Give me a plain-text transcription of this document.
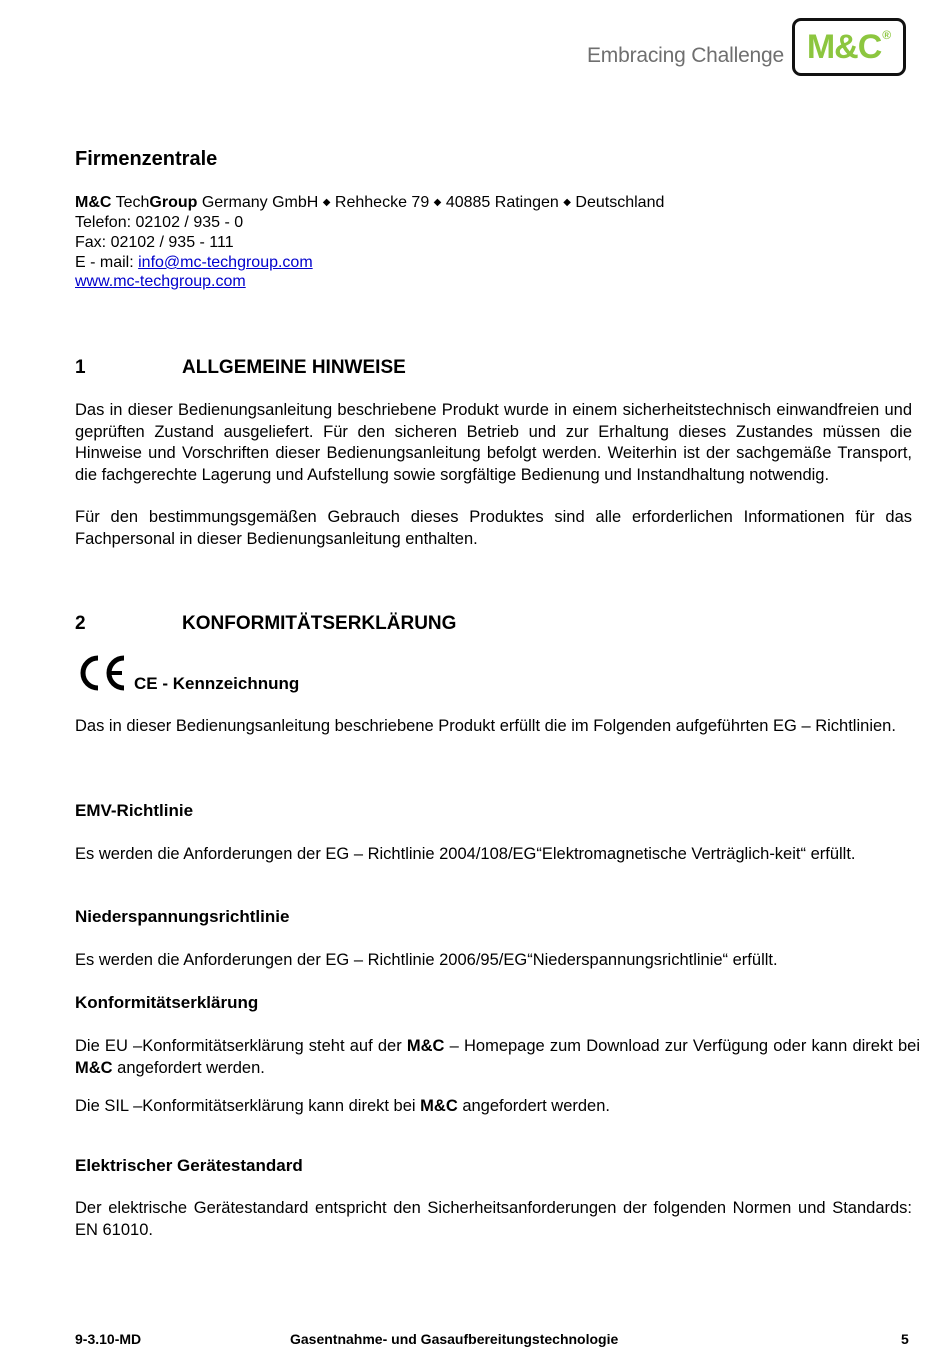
Embracing Challenge M&C ®
Firmenzentrale
M&C TechGroup Germany GmbH ◆ Rehhecke 79 ◆ 40885 Ratingen ◆ Deutschland
Telefon: 02102 / 935 - 0
Fax: 02102 / 935 - 111
E - mail: info@mc-techgroup.com
www.mc-techgroup.com
1	ALLGEMEINE HINWEISE
Das in dieser Bedienungsanleitung beschriebene Produkt wurde in einem sicherheitstechnisch einwandfreien und geprüften Zustand ausgeliefert. Für den sicheren Betrieb und zur Erhaltung dieses Zustandes müssen die Hinweise und Vorschriften dieser Bedienungsanleitung befolgt werden. Weiterhin ist der sachgemäße Transport, die fachgerechte Lagerung und Aufstellung sowie sorgfältige Bedienung und Instandhaltung notwendig.
Für den bestimmungsgemäßen Gebrauch dieses Produktes sind alle erforderlichen Informationen für das Fachpersonal in dieser Bedienungsanleitung enthalten.
2	KONFORMITÄTSERKLÄRUNG
CE - Kennzeichnung
Das in dieser Bedienungsanleitung beschriebene Produkt erfüllt die im Folgenden aufgeführten EG – Richtlinien.
EMV-Richtlinie
Es werden die Anforderungen der EG – Richtlinie 2004/108/EG“Elektromagnetische Verträglich-keit“ erfüllt.
Niederspannungsrichtlinie
Es werden die Anforderungen der EG – Richtlinie 2006/95/EG“Niederspannungsrichtlinie“ erfüllt.
Konformitätserklärung
Die EU –Konformitätserklärung steht auf der M&C – Homepage zum Download zur Verfügung oder kann direkt bei M&C angefordert werden.
Die SIL –Konformitätserklärung kann direkt bei M&C angefordert werden.
Elektrischer Gerätestandard
Der elektrische Gerätestandard entspricht den Sicherheitsanforderungen der folgenden Normen und Standards: EN 61010.
9-3.10-MD	Gasentnahme- und Gasaufbereitungstechnologie	5
